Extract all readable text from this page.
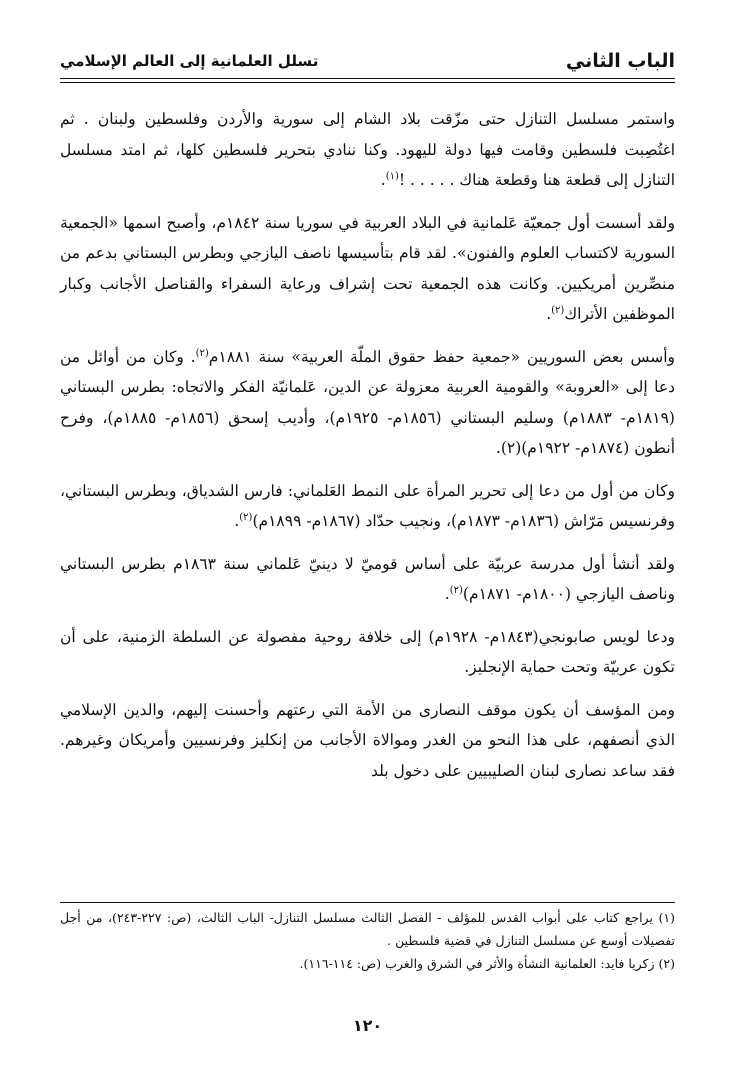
الباب الثاني
تسلل العلمانية إلى العالم الإسلامي

واستمر مسلسل التنازل حتى مزّقت بلاد الشام إلى سورية والأردن وفلسطين ولبنان . ثم اغتُصِبت فلسطين وقامت فيها دولة لليهود. وكنا ننادي بتحرير فلسطين كلها، ثم امتد مسلسل التنازل إلى قطعة هنا وقطعة هناك . . . . . !$^{(١)}$.

ولقد أسست أول جمعيّة عَلمانية في البلاد العربية في سوريا سنة ١٨٤٢م، وأصبح اسمها «الجمعية السورية لاكتساب العلوم والفنون». لقد قام بتأسيسها ناصف اليازجي وبطرس البستاني بدعم من منصِّرين أمريكيين. وكانت هذه الجمعية تحت إشراف ورعاية السفراء والقناصل الأجانب وكبار الموظفين الأتراك$^{(٢)}$.

وأسس بعض السوريين «جمعية حفظ حقوق الملّة العربية» سنة ١٨٨١م$^{(٢)}$. وكان من أوائل من دعا إلى «العروبة» والقومية العربية معزولة عن الدين، عَلمانيّة الفكر والاتجاه: بطرس البستاني (١٨١٩م- ١٨٨٣م) وسليم البستاني (١٨٥٦م- ١٩٢٥م)، وأديب إسحق (١٨٥٦م- ١٨٨٥م)، وفرح أنطون (١٨٧٤م- ١٩٢٢م)(٢).

وكان من أول من دعا إلى تحرير المرأة على النمط العَلماني: فارس الشدياق، وبطرس البستاني، وفرنسيس مَرّاش (١٨٣٦م- ١٨٧٣م)، ونجيب حدّاد (١٨٦٧م- ١٨٩٩م)$^{(٢)}$.

ولقد أنشأ أول مدرسة عربيّة على أساس قوميّ لا دينيّ عَلماني سنة ١٨٦٣م بطرس البستاني وناصف اليازجي (١٨٠٠م- ١٨٧١م)$^{(٢)}$.

ودعا لويس صابونجي(١٨٤٣م- ١٩٢٨م) إلى خلافة روحية مفصولة عن السلطة الزمنية، على أن تكون عربيّة وتحت حماية الإنجليز.

ومن المؤسف أن يكون موقف النصارى من الأمة التي رعتهم وأحسنت إليهم، والدين الإسلامي الذي أنصفهم، على هذا النحو من الغدر وموالاة الأجانب من إنكليز وفرنسيين وأمريكان وغيرهم. فقد ساعد نصارى لبنان الصليبيين على دخول بلد

(١) يراجع كتاب على أبواب القدس للمؤلف - الفصل الثالث مسلسل التنازل- الباب الثالث، (ص: ٢٢٧-٢٤٣)، من أجل تفصيلات أوسع عن مسلسل التنازل في قضية فلسطين .

(٢) زكريا فايد: العلمانية النشأة والأثر في الشرق والغرب (ص: ١١٤-١١٦).

١٢٠
